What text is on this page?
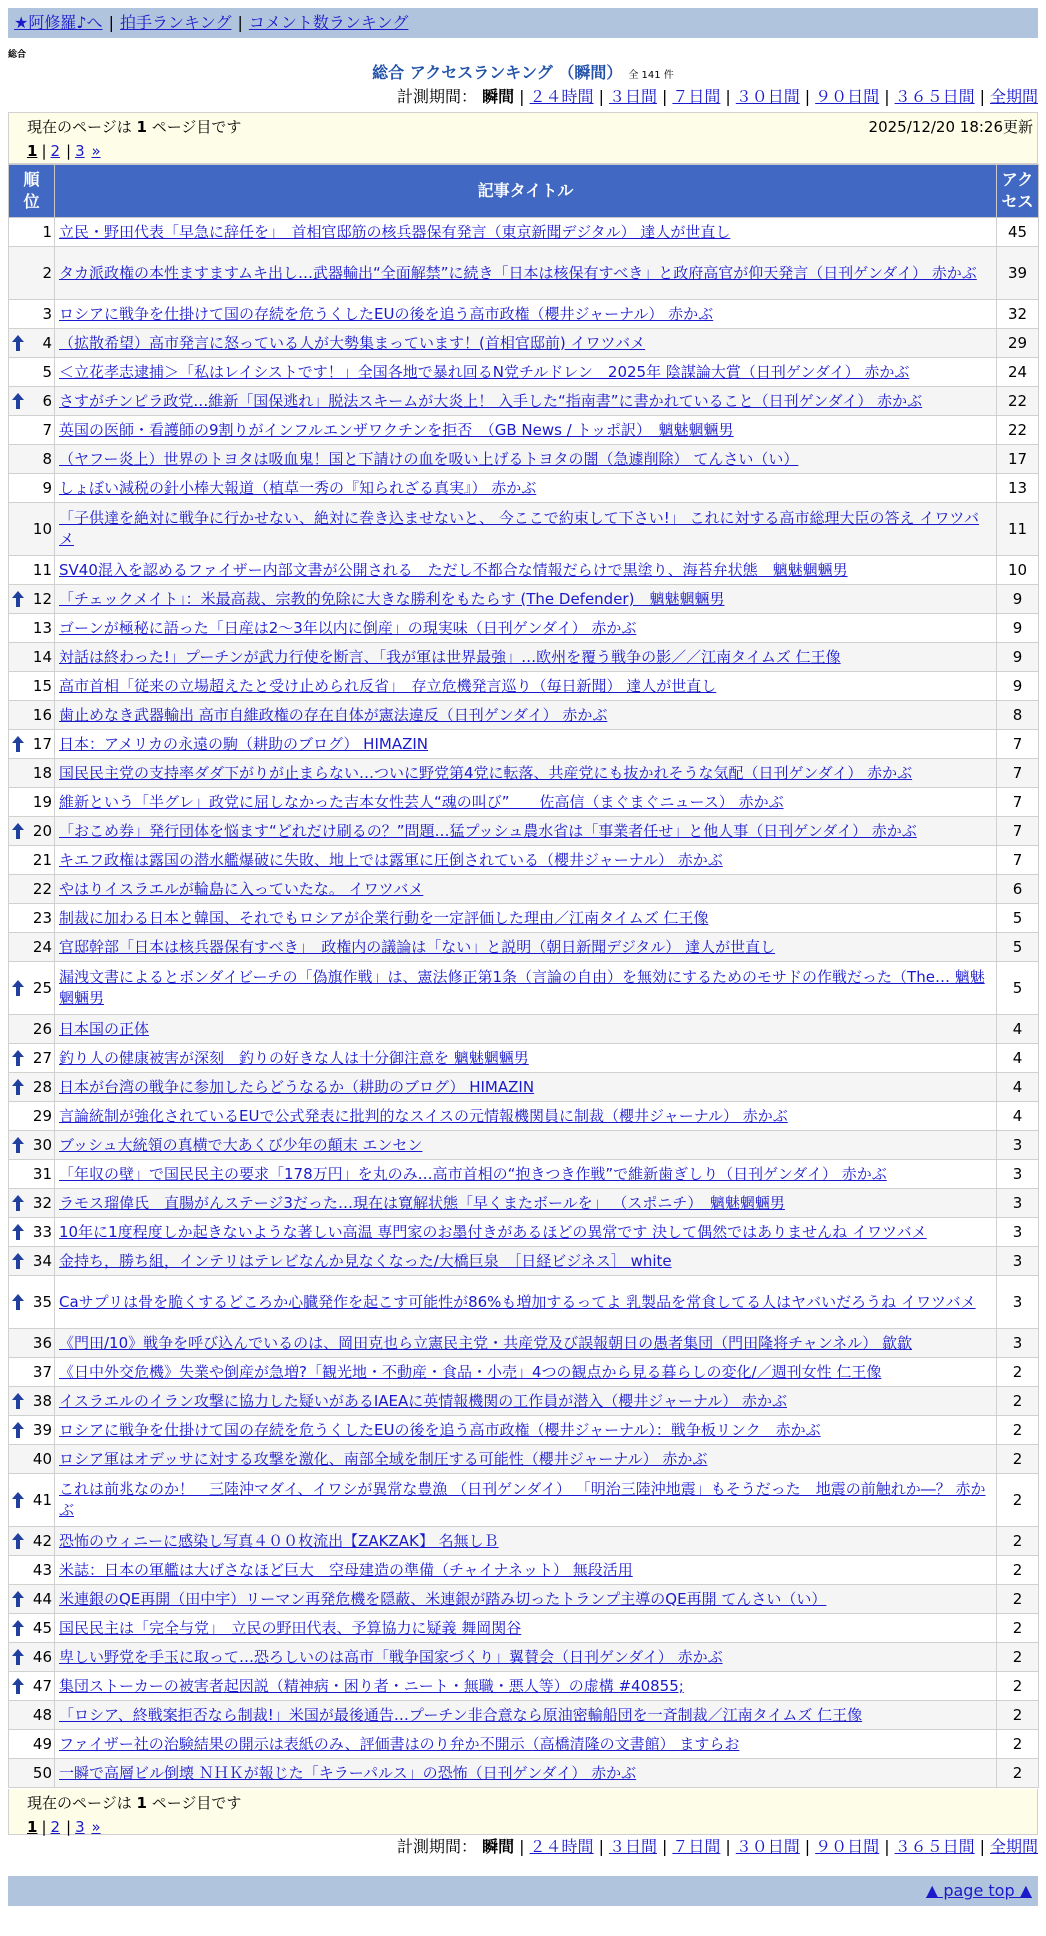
★阿修羅♪へ | 拍手ランキング | コメント数ランキング
総合
総合 アクセスランキング （瞬間） 全 141 件
計測期間： 瞬間 | ２４時間 | ３日間 | ７日間 | ３０日間 | ９０日間 | ３６５日間 | 全期間
現在のページは 1 ページ目です	2025/12/20 18:26更新
1 | 2 | 3 »
順
位	記事タイトル	アク
セス

1	立民・野田代表「早急に辞任を」　首相官邸筋の核兵器保有発言（東京新聞デジタル） 達人が世直し	45
2	タカ派政権の本性ますますムキ出し…武器輸出“全面解禁”に続き「日本は核保有すべき」と政府高官が仰天発言（日刊ゲンダイ） 赤かぶ	39
3	ロシアに戦争を仕掛けて国の存続を危うくしたEUの後を追う高市政権（櫻井ジャーナル） 赤かぶ	32

4	（拡散希望）高市発言に怒っている人が大勢集まっています！(首相官邸前) イワツバメ	29
5	＜立花孝志逮捕＞「私はレイシストです！」全国各地で暴れ回るN党チルドレン　2025年 陰謀論大賞（日刊ゲンダイ） 赤かぶ	24

6	さすがチンピラ政党…維新「国保逃れ」脱法スキームが大炎上！ 入手した“指南書”に書かれていること（日刊ゲンダイ） 赤かぶ	22
7	英国の医師・看護師の9割りがインフルエンザワクチンを拒否　（GB News / トッポ訳）　魑魅魍魎男	22
8	（ヤフー炎上）世界のトヨタは吸血鬼！国と下請けの血を吸い上げるトヨタの闇（急遽削除） てんさい（い）	17
9	しょぼい減税の針小棒大報道（植草一秀の『知られざる真実』） 赤かぶ	13
10	「子供達を絶対に戦争に行かせない、絶対に巻き込ませないと、 今ここで約束して下さい!」 これに対する高市総理大臣の答え イワツバメ	11
11	SV40混入を認めるファイザー内部文書が公開される　ただし不都合な情報だらけで黒塗り、海苔弁状態　魑魅魍魎男	10

12	「チェックメイト」：米最高裁、宗教的免除に大きな勝利をもたらす (The Defender)　魑魅魍魎男	9
13	ゴーンが極秘に語った「日産は2～3年以内に倒産」の現実味（日刊ゲンダイ） 赤かぶ	9
14	対話は終わった!」プーチンが武力行使を断言、「我が軍は世界最強」…欧州を覆う戦争の影／／江南タイムズ 仁王像	9
15	高市首相「従来の立場超えたと受け止められ反省」　存立危機発言巡り（毎日新聞） 達人が世直し	9
16	歯止めなき武器輸出 高市自維政権の存在自体が憲法違反（日刊ゲンダイ） 赤かぶ	8

17	日本：アメリカの永遠の駒（耕助のブログ） HIMAZIN	7
18	国民民主党の支持率ダダ下がりが止まらない…ついに野党第4党に転落、共産党にも抜かれそうな気配（日刊ゲンダイ） 赤かぶ	7
19	維新という「半グレ」政党に屈しなかった吉本女性芸人“魂の叫び”　　佐高信（まぐまぐニュース） 赤かぶ	7

20	「おこめ券」発行団体を悩ます“どれだけ刷るの？”問題…猛プッシュ農水省は「事業者任せ」と他人事（日刊ゲンダイ） 赤かぶ	7
21	キエフ政権は露国の潜水艦爆破に失敗、地上では露軍に圧倒されている（櫻井ジャーナル） 赤かぶ	7
22	やはりイスラエルが輪島に入っていたな。 イワツバメ	6
23	制裁に加わる日本と韓国、それでもロシアが企業行動を一定評価した理由／江南タイムズ 仁王像	5
24	官邸幹部「日本は核兵器保有すべき」　政権内の議論は「ない」と説明（朝日新聞デジタル） 達人が世直し	5

25	漏洩文書によるとボンダイビーチの「偽旗作戦」は、憲法修正第1条（言論の自由）を無効にするためのモサドの作戦だった（The… 魑魅魍魎男	5
26	日本国の正体	4

27	釣り人の健康被害が深刻　釣りの好きな人は十分御注意を 魑魅魍魎男	4

28	日本が台湾の戦争に参加したらどうなるか（耕助のブログ） HIMAZIN	4
29	言論統制が強化されているEUで公式発表に批判的なスイスの元情報機関員に制裁（櫻井ジャーナル） 赤かぶ	4

30	ブッシュ大統領の真横で大あくび少年の顛末 エンセン	3
31	「年収の壁」で国民民主の要求「178万円」を丸のみ…高市首相の“抱きつき作戦”で維新歯ぎしり（日刊ゲンダイ） 赤かぶ	3

32	ラモス瑠偉氏　直腸がんステージ3だった…現在は寛解状態「早くまたボールを」 （スポニチ）　魑魅魍魎男	3

33	10年に1度程度しか起きないような著しい高温 専門家のお墨付きがあるほどの異常です 決して偶然ではありませんね イワツバメ	3

34	金持ち，勝ち組，インテリはテレビなんか見なくなった/大橋巨泉　［日経ビジネス］ white	3

35	Caサプリは骨を脆くするどころか心臓発作を起こす可能性が86%も増加するってよ 乳製品を常食してる人はヤバいだろうね イワツバメ	3
36	《門田/10》戦争を呼び込んでいるのは、岡田克也ら立憲民主党・共産党及び誤報朝日の愚者集団（門田隆将チャンネル） 歙歙	3
37	《日中外交危機》失業や倒産が急増?「観光地・不動産・食品・小売」4つの観点から見る暮らしの変化/／週刊女性 仁王像	2

38	イスラエルのイラン攻撃に協力した疑いがあるIAEAに英情報機関の工作員が潜入（櫻井ジャーナル） 赤かぶ	2

39	ロシアに戦争を仕掛けて国の存続を危うくしたEUの後を追う高市政権（櫻井ジャーナル）：戦争板リンク　赤かぶ	2
40	ロシア軍はオデッサに対する攻撃を激化、南部全域を制圧する可能性（櫻井ジャーナル） 赤かぶ	2

41	これは前兆なのか！　三陸沖マダイ、イワシが異常な豊漁 （日刊ゲンダイ） 「明治三陸沖地震」もそうだった　地震の前触れか―？ 赤かぶ	2

42	恐怖のウィニーに感染し写真４００枚流出【ZAKZAK】 名無しＢ	2
43	米誌：日本の軍艦は大げさなほど巨大　空母建造の準備（チャイナネット） 無段活用	2

44	米連銀のQE再開（田中宇）リーマン再発危機を隠蔽、米連銀が踏み切ったトランプ主導のQE再開 てんさい（い）	2

45	国民民主は「完全与党」　立民の野田代表、予算協力に疑義 舞岡関谷	2

46	卑しい野党を手玉に取って…恐ろしいのは高市「戦争国家づくり」翼賛会（日刊ゲンダイ） 赤かぶ	2

47	集団ストーカーの被害者起因説（精神病・困り者・ニート・無職・悪人等）の虚構 #40855;	2
48	「ロシア、終戦案拒否なら制裁!」米国が最後通告…プーチン非合意なら原油密輸船団を一斉制裁／江南タイムズ 仁王像	2
49	ファイザー社の治験結果の開示は表紙のみ、評価書はのり弁か不開示（高橋清隆の文書館） ますらお	2
50	一瞬で高層ビル倒壊 ＮＨＫが報じた「キラーパルス」の恐怖（日刊ゲンダイ） 赤かぶ	2
現在のページは 1 ページ目です
1 | 2 | 3 »
計測期間： 瞬間 | ２４時間 | ３日間 | ７日間 | ３０日間 | ９０日間 | ３６５日間 | 全期間
▲ page top ▲
